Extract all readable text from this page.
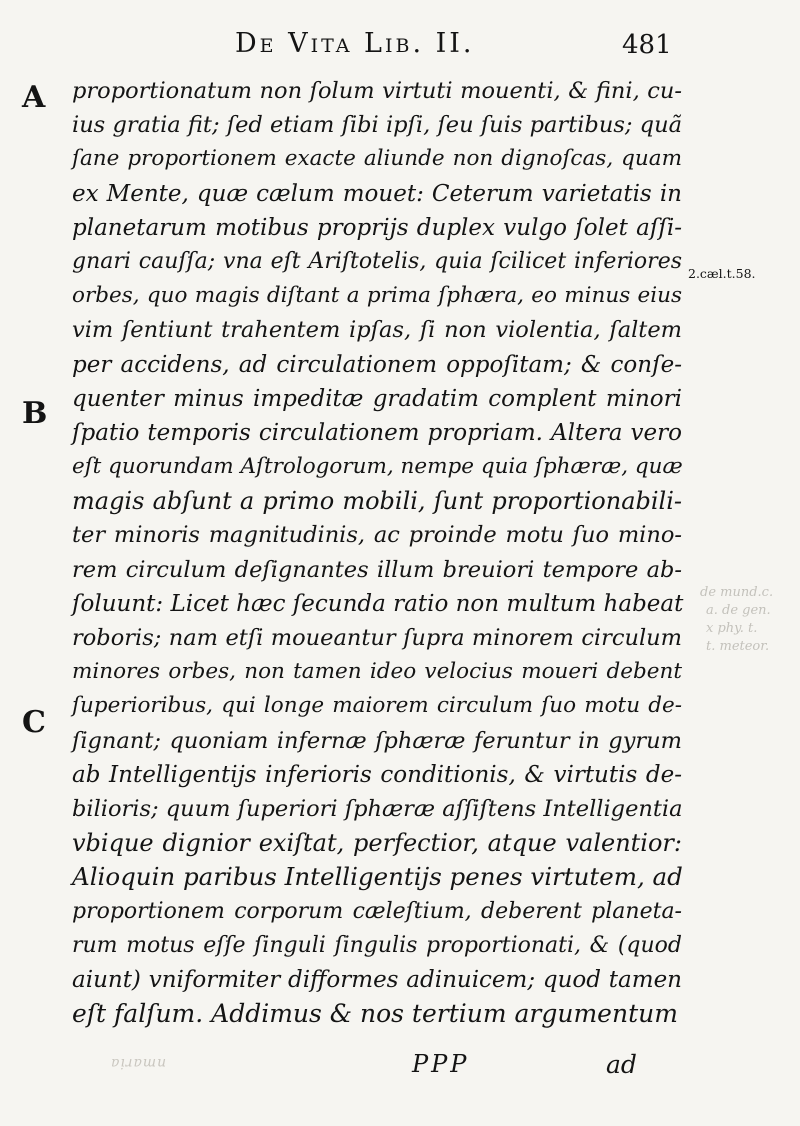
De Vita Lib. II.	481
A
B
C
2.cæl.t.58.
de mund.c.
a. de gen.
x phy. t.
t. meteor.
proportionatum non ſolum virtuti mouenti, & fini, cu-
ius gratia fit; ſed etiam ſibi ipſi, ſeu ſuis partibus; quã
ſane proportionem exacte aliunde non dignoſcas, quam
ex Mente, quæ cælum mouet: Ceterum varietatis in
planetarum motibus proprijs duplex vulgo ſolet aſſi-
gnari cauſſa; vna eſt Ariſtotelis, quia ſcilicet inferiores
orbes, quo magis diſtant a prima ſphæra, eo minus eius
vim ſentiunt trahentem ipſas, ſi non violentia, ſaltem
per accidens, ad circulationem oppoſitam; & conſe-
quenter minus impeditæ gradatim complent minori
ſpatio temporis circulationem propriam. Altera vero
eſt quorundam Aſtrologorum, nempe quia ſphæræ, quæ
magis abſunt a primo mobili, ſunt proportionabili-
ter minoris magnitudinis, ac proinde motu ſuo mino-
rem circulum deſignantes illum breuiori tempore ab-
ſoluunt: Licet hæc ſecunda ratio non multum habeat
roboris; nam etſi moueantur ſupra minorem circulum
minores orbes, non tamen ideo velocius moueri debent
ſuperioribus, qui longe maiorem circulum ſuo motu de-
ſignant; quoniam infernæ ſphæræ feruntur in gyrum
ab Intelligentijs inferioris conditionis, & virtutis de-
bilioris; quum ſuperiori ſphæræ aſſiſtens Intelligentia
vbique dignior exiſtat, perfectior, atque valentior:
Alioquin paribus Intelligentijs penes virtutem, ad
proportionem corporum cæleſtium, deberent planeta-
rum motus eſſe ſinguli ſingulis proportionati, & (quod
aiunt) vniformiter difformes adinuicem; quod tamen
eſt falſum. Addimus & nos tertium argumentum
nmaria	PPP	ad
